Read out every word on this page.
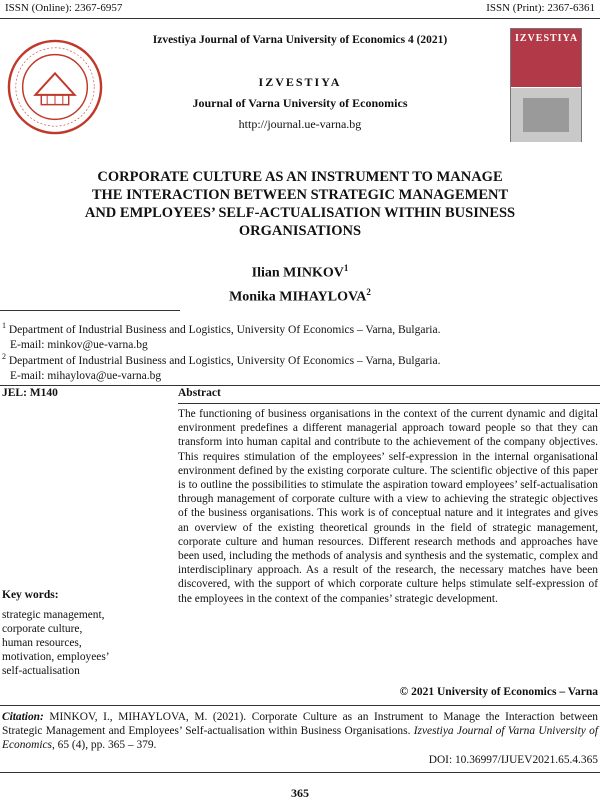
ISSN (Online): 2367-6957	ISSN (Print): 2367-6361
Izvestiya Journal of Varna University of Economics 4 (2021)
IZVESTIYA
Journal of Varna University of Economics
http://journal.ue-varna.bg
IZVESTIYA
CORPORATE CULTURE AS AN INSTRUMENT TO MANAGE
THE INTERACTION BETWEEN STRATEGIC MANAGEMENT
AND EMPLOYEES’ SELF-ACTUALISATION WITHIN BUSINESS
ORGANISATIONS
Ilian MINKOV$^1$
Monika MIHAYLOVA$^2$
$^1$ Department of Industrial Business and Logistics, University Of Economics – Varna, Bulgaria.
E-mail: minkov@ue-varna.bg
$^2$ Department of Industrial Business and Logistics, University Of Economics – Varna, Bulgaria.
E-mail: mihaylova@ue-varna.bg
JEL: M140	Abstract
The functioning of business organisations in the context of the current dynamic and digital environment predefines a different managerial approach toward people so that they can transform into human capital and contribute to the achievement of the company objectives. This requires stimulation of the employees’ self-expression in the internal organisational environment defined by the existing corporate culture. The scientific objective of this paper is to outline the possibilities to stimulate the aspiration toward employees’ self-actualisation through management of corporate culture with a view to achieving the strategic objectives of the business organisations. This work is of conceptual nature and it integrates and gives an overview of the existing theoretical grounds in the field of strategic management, corporate culture and human resources. Different research methods and approaches have been used, including the methods of analysis and synthesis and the systematic, complex and interdisciplinary approach. As a result of the research, the necessary matches have been discovered, with the support of which corporate culture helps stimulate self-expression of the employees in the context of the companies’ strategic development.
© 2021 University of Economics – Varna
Key words:
strategic management,
corporate culture,
human resources,
motivation, employees’
self-actualisation
Citation: MINKOV, I., MIHAYLOVA, M. (2021). Corporate Culture as an Instrument to Manage the Interaction between Strategic Management and Employees’ Self-actualisation within Business Organisations. Izvestiya Journal of Varna University of Economics, 65 (4), pp. 365 – 379.
DOI: 10.36997/IJUEV2021.65.4.365
365
